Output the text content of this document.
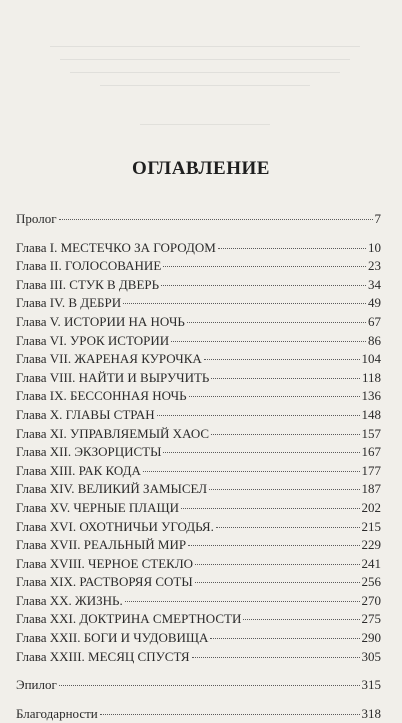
ОГЛАВЛЕНИЕ
Пролог	7
Глава I. МЕСТЕЧКО ЗА ГОРОДОМ	10
Глава II. ГОЛОСОВАНИЕ	23
Глава III. СТУК В ДВЕРЬ	34
Глава IV. В ДЕБРИ	49
Глава V. ИСТОРИИ НА НОЧЬ	67
Глава VI. УРОК ИСТОРИИ	86
Глава VII. ЖАРЕНАЯ КУРОЧКА	104
Глава VIII. НАЙТИ И ВЫРУЧИТЬ	118
Глава IX. БЕССОННАЯ НОЧЬ	136
Глава X. ГЛАВЫ СТРАН	148
Глава XI. УПРАВЛЯЕМЫЙ ХАОС	157
Глава XII. ЭКЗОРЦИСТЫ	167
Глава XIII. РАК КОДА	177
Глава XIV. ВЕЛИКИЙ ЗАМЫСЕЛ	187
Глава XV. ЧЕРНЫЕ ПЛАЩИ	202
Глава XVI. ОХОТНИЧЬИ УГОДЬЯ.	215
Глава XVII. РЕАЛЬНЫЙ МИР	229
Глава XVIII. ЧЕРНОЕ СТЕКЛО	241
Глава XIX. РАСТВОРЯЯ СОТЫ	256
Глава XX. ЖИЗНЬ.	270
Глава XXI. ДОКТРИНА СМЕРТНОСТИ	275
Глава XXII. БОГИ И ЧУДОВИЩА	290
Глава XXIII. МЕСЯЦ СПУСТЯ	305
Эпилог	315
Благодарности	318
